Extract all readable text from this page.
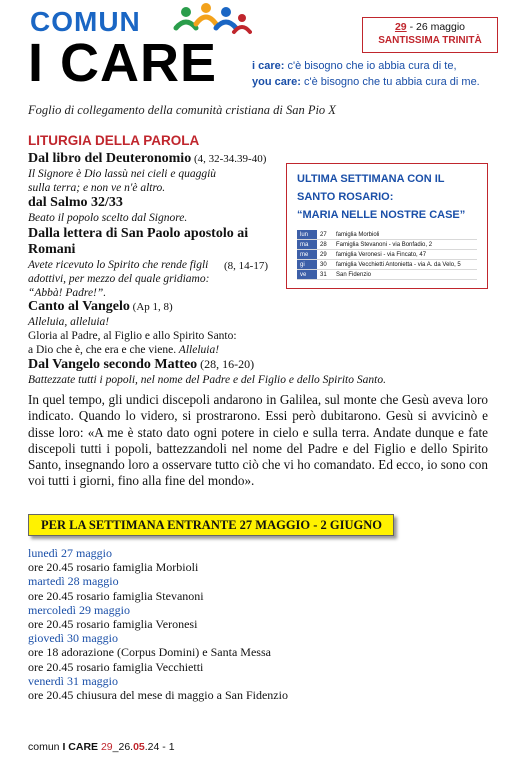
COMUN
I CARE
Foglio di collegamento della comunità cristiana di San Pio X
29 - 26 maggio
SANTISSIMA TRINITÀ
i care: c'è bisogno che io abbia cura di te,
you care: c'è bisogno che tu abbia cura di me.
LITURGIA DELLA PAROLA
Dal libro del Deuteronomio (4, 32-34.39-40)
Il Signore è Dio lassù nei cieli e quaggiù sulla terra; e non ve n'è altro.
dal Salmo 32/33
Beato il popolo scelto dal Signore.
Dalla lettera di San Paolo apostolo ai Romani
(8, 14-17)
Avete ricevuto lo Spirito che rende figli adottivi, per mezzo del quale gridiamo: “Abbà! Padre!”.
Canto al Vangelo (Ap 1, 8)
Alleluia, alleluia!
Gloria al Padre, al Figlio e allo Spirito Santo:
a Dio che è, che era e che viene. Alleluia!
Dal Vangelo secondo Matteo (28, 16-20)
Battezzate tutti i popoli, nel nome del Padre e del Figlio e dello Spirito Santo.
In quel tempo, gli undici discepoli andarono in Galilea, sul monte che Gesù aveva loro indicato. Quando lo videro, si prostrarono. Essi però dubitarono. Gesù si avvicinò e disse loro: «A me è stato dato ogni potere in cielo e sulla terra. Andate dunque e fate discepoli tutti i popoli, battezzandoli nel nome del Padre e del Figlio e dello Spirito Santo, insegnando loro a osservare tutto ciò che vi ho comandato. Ed ecco, io sono con voi tutti i giorni, fino alla fine del mondo».
ULTIMA SETTIMANA CON IL
SANTO ROSARIO:
“MARIA NELLE NOSTRE CASE”
lun	27	famiglia Morbioli
ma	28	Famiglia Stevanoni - via Bonfadio, 2
me	29	famiglia Veronesi - via Fincato, 47
gi	30	famiglia Vecchietti Antonietta - via A. da Velo, 5
ve	31	San Fidenzio
PER LA SETTIMANA ENTRANTE 27 MAGGIO - 2 GIUGNO
lunedì 27 maggio
ore 20.45 rosario famiglia Morbioli
martedì 28 maggio
ore 20.45 rosario famiglia Stevanoni
mercoledì 29 maggio
ore 20.45 rosario famiglia Veronesi
giovedì 30 maggio
ore 18 adorazione (Corpus Domini) e Santa Messa
ore 20.45 rosario famiglia Vecchietti
venerdì 31 maggio
ore 20.45 chiusura del mese di maggio a San Fidenzio
comun I CARE 29_26.05.24 - 1
